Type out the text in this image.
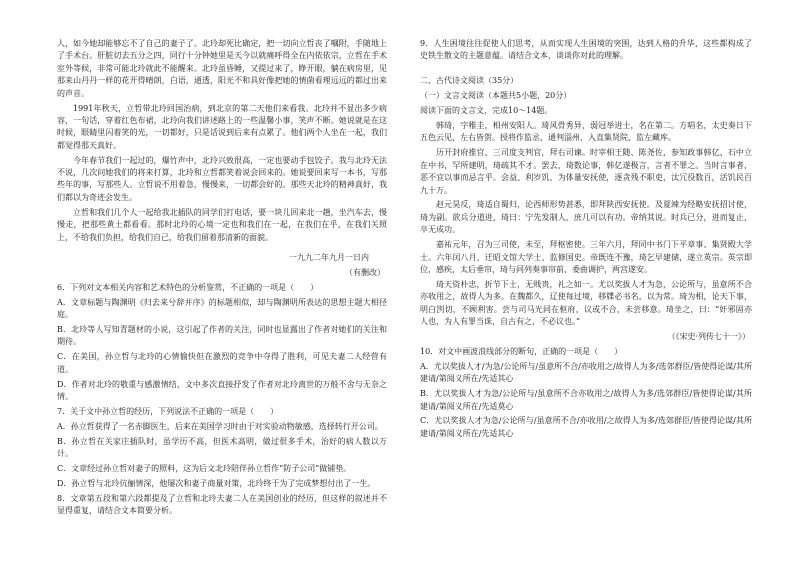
人，如今她却能够忘不了自己的妻子了。北玲却死比确定，把一切向立哲丧了嘱附，手随地上了手术台。肝脏切去五分之四，同行十分钟她里是天今以就痛呼得全在内依依宗，立哲在手术室外等候，非常可能北玲就此不能醒来。北玲虽昏睡，又提过来了，睁开眼，躺在病房里，见那来山丹丹一样的花开得晴朗，白语，通透，阳光不和具好像把她的情菌看理远远的都过出来的声音。

1991年秋天，立哲带北玲回国治病，到北京的第二天他们来看我。北玲并不显出多少病容，一句话，穿着红色布裙，北玲向我们讲述路上的一些温馨小事，笑声不断。她说就是在这时候，眼睛里闪着笑的光，一切都好，只是话说到后来有点累了。他们两个人坐在一起，我们都觉得那天真好。

今年春节我们一起过的，爆竹声中，北玲兴致很高，一定也要动手包饺子。我与北玲无法不说，几次问她我们的将来打算，北玲和立哲都笑着说会回来的。她说要回来写一本书，写那些年的事，写那些人。立哲说不用着急，慢慢来，一切都会好的。那些天北玲的精神真好，我们都以为奇迹会发生。

立哲和我们几个人一起给我北插队的同学们打电话，要一块儿回来北一趟，坐汽车去，慢慢走，把那些黄土都看看。那时北玲的心境一定也和我们在一起，在我们在乎，在我们关照上，不给我们负担，给我们自己，给我们留着那清新的面貌。

一九九二年九月一日内

（有删改）

6．下列对文本相关内容和艺术特色的分析鉴赏，不正确的一项是（　　）

A．文章标题与陶渊明《归去来兮辞并序》的标题相似，却与陶渊明所表达的思想主题大相径庭。

B．北玲等人写知青题材的小说，这引起了作者的关注，同时也显露出了作者对她们的关注和期待。

C．在美国，孙立哲与北玲的心情愉快但在激烈的竞争中夺得了胜利，可见夫妻二人经营有道。

D．作者对北玲的敬重与感激情结，文中多次直接抒发了作者对北玲离世的万般不舍与无奈之情。

7．关于文中孙立哲的经历，下列说法不正确的一项是（　　）

A．孙立哲获得了一名赤脚医生，后来在美国学习时由于对实验动物敏感，选择转行开公司。

B．孙立哲在关家庄插队时，虽学历不高，但医术高明，做过很多手术，治好的病人数以万计。

C．文章经过孙立哲对妻子的照料，这为后文北玲陪伴孙立哲作“防子公司”做铺垫。

D．孙立哲与北玲伉俪情深，他屡次和妻子商量对策，北玲终于为了完成梦想付出了一生。

8．文章第五段和第六段都提及了立哲和北玲夫妻二人在美国创业的经历，但这样的叙述并不显得重复，请结合文本简要分析。

9．人生困境往往促使人们思考，从而实现人生困境的突围，达到人格的升华，这些都构成了史铁生散文的主题意蕴。请结合文本，谈谈你对此的理解。

二、古代诗文阅读（35分）

（一）文言文阅读（本题共5小题，20分）

阅读下面的文言文，完成10～14题。

韩琦，字稚圭，相州安阳人。琦风骨秀异，弱冠举进士，名在第二。方唱名，太史奏日下五色云见，左右皆贺。授将作监丞，通判淄州，入直集贤院、监左藏库。

历开封府推官、三司度支判官，拜右司谏。时宰相王随、陈尧佐，参知政事韩亿、石中立在中书，罕所建明，琦疏其不才。罢去，琦数论事，韩亿遂极言，言者不罪之。当时言事者，恶不宜以事而忌言乎。会益、利岁饥，为体量安抚使，逐贪残不职吏，汰冗役数百，活饥民百九十万。

赵元昊反，琦适自蜀归，论西师形势甚悉，即拜陕西安抚使。及夏竦为经略安抚招讨使，琦为副。欲兵分道进，琦曰：宁先发制人，庶几可以有功。帝纳其说。时兵已分，进而复止，卒无成功。

嘉祐元年，召为三司使，未至，拜枢密使。三年六月，拜同中书门下平章事、集贤殿大学士。六年闰八月，迁昭文馆大学士、监修国史。帝既连不豫，琦乞早建储，遂立英宗。英宗即位，感疾，太后垂帘，琦与同列奏事帘前，委曲调护，两宫遂安。

琦天资朴忠，折节下士，无贱贵，礼之如一。尤以奖拔人才为急，公论所与，虽意所不合亦收用之，故得人为多。在魏都久，辽使每过境，移牒必书名，以为常。琦为相，论天下事，明白剀切，不顾利害。尝与司马光同在枢府，议或不合，未尝移意。琦坐之，曰：“奸邪固亦人也，为人有罪当诛，自古有之，不必议也。”

（《宋史·列传七十一》）

10．对文中画波浪线部分的断句，正确的一项是（　　）

A．尤以奖拔人才/为急/公论所与/虽意所不合/亦收用之/故得人为多/选郊群臣/皆使得论谋/其所建请/第阅义所在/先适其心

B．尤以奖拔人才为急/公论所与/虽意所不合亦收用之/故得人为多/选郊群臣/皆使得论谋/其所建请/第阅义所在/先适莫心

C．尤以奖拔人才为急/公论所与/虽意所不合/亦收用/之故得人为多/选郊群臣/皆使得论谋/其所建请/第阅义所在/先适其心
